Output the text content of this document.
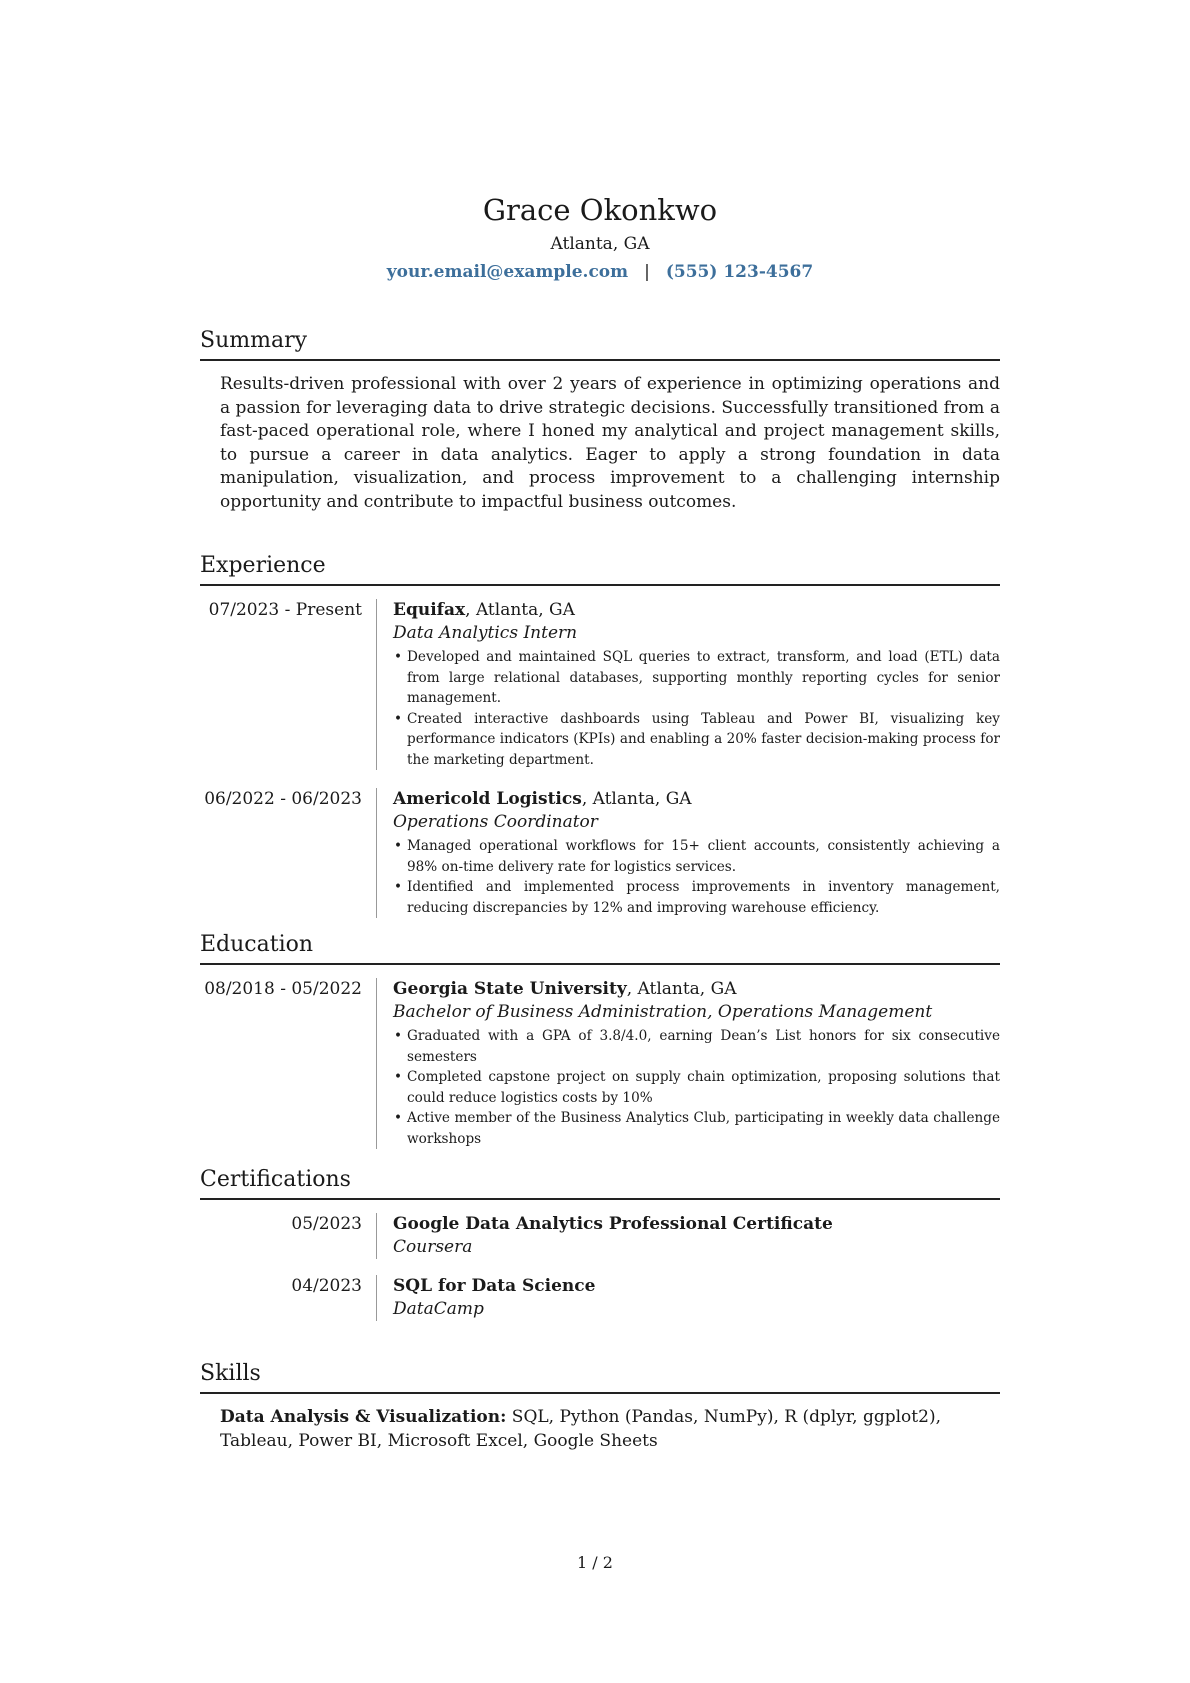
Grace Okonkwo
Atlanta, GA
your.email@example.com | (555) 123-4567
Summary

Results-driven professional with over 2 years of experience in optimizing operations and a passion for leveraging data to drive strategic decisions. Successfully transitioned from a fast-paced operational role, where I honed my analytical and project management skills, to pursue a career in data analytics. Eager to apply a strong foundation in data manipulation, visualization, and process improvement to a challenging internship opportunity and contribute to impactful business outcomes.

Experience
07/2023 - Present	Equifax, Atlanta, GA
Data Analytics Intern
• Developed and maintained SQL queries to extract, transform, and load (ETL) data from large relational databases, supporting monthly reporting cycles for senior management.
• Created interactive dashboards using Tableau and Power BI, visualizing key performance indicators (KPIs) and enabling a 20% faster decision-making process for the marketing department.
06/2022 - 06/2023	Americold Logistics, Atlanta, GA
Operations Coordinator
• Managed operational workflows for 15+ client accounts, consistently achieving a 98% on-time delivery rate for logistics services.
• Identified and implemented process improvements in inventory management, reducing discrepancies by 12% and improving warehouse efficiency.
Education
08/2018 - 05/2022	Georgia State University, Atlanta, GA
Bachelor of Business Administration, Operations Management
• Graduated with a GPA of 3.8/4.0, earning Dean’s List honors for six consecutive semesters
• Completed capstone project on supply chain optimization, proposing solutions that could reduce logistics costs by 10%
• Active member of the Business Analytics Club, participating in weekly data challenge workshops
Certifications
05/2023	Google Data Analytics Professional Certificate
Coursera
04/2023	SQL for Data Science
DataCamp
Skills

Data Analysis & Visualization: SQL, Python (Pandas, NumPy), R (dplyr, ggplot2), Tableau, Power BI, Microsoft Excel, Google Sheets

1 / 2
